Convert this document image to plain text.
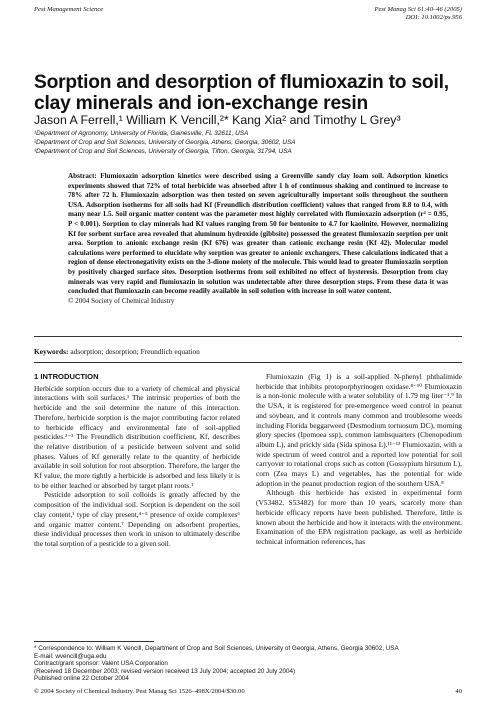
Pest Management Science	Pest Manag Sci 61:40–46 (2005)
DOI: 10.1002/ps.956
Sorption and desorption of flumioxazin to soil, clay minerals and ion-exchange resin
Jason A Ferrell,¹ William K Vencill,²* Kang Xia² and Timothy L Grey³
¹Department of Agronomy, University of Florida, Gainesville, FL 32611, USA
²Department of Crop and Soil Sciences, University of Georgia, Athens, Georgia, 30602, USA
³Department of Crop and Soil Sciences, University of Georgia, Tifton, Georgia, 31794, USA
Abstract: Flumioxazin adsorption kinetics were described using a Greenville sandy clay loam soil. Adsorption kinetics experiments showed that 72% of total herbicide was absorbed after 1 h of continuous shaking and continued to increase to 78% after 72 h. Flumioxazin adsorption was then tested on seven agriculturally important soils throughout the southern USA. Adsorption isotherms for all soils had Kf (Freundlich distribution coefficient) values that ranged from 8.8 to 0.4, with many near 1.5. Soil organic matter content was the parameter most highly correlated with flumioxazin adsorption (r² = 0.95, P < 0.001). Sorption to clay minerals had Kf values ranging from 50 for bentonite to 4.7 for kaolinite. However, normalizing Kf for sorbent surface area revealed that aluminum hydroxide (gibbsite) possessed the greatest flumioxazin sorption per unit area. Sorption to anionic exchange resin (Kf 676) was greater than cationic exchange resin (Kf 42). Molecular model calculations were performed to elucidate why sorption was greater to anionic exchangers. These calculations indicated that a region of dense electronegativity exists on the 3-dione moiety of the molecule. This would lead to greater flumioxazin sorption by positively charged surface sites. Desorption isotherms from soil exhibited no effect of hysteresis. Desorption from clay minerals was very rapid and flumioxazin in solution was undetectable after three desorption steps. From these data it was concluded that flumioxazin can become readily available in soil solution with increase in soil water content.
© 2004 Society of Chemical Industry
Keywords: adsorption; desorption; Freundlich equation

1 INTRODUCTION

Herbicide sorption occurs due to a variety of chemical and physical interactions with soil surfaces.¹ The intrinsic properties of both the herbicide and the soil determine the nature of this interaction. Therefore, herbicide sorption is the major contributing factor related to herbicide efficacy and environmental fate of soil-applied pesticides.²⁻³ The Freundlich distribution coefficient, Kf, describes the relative distribution of a pesticide between solvent and solid phases. Values of Kf generally relate to the quantity of herbicide available in soil solution for root absorption. Therefore, the larger the Kf value, the more tightly a herbicide is adsorbed and less likely it is to be either leached or absorbed by target plant roots.¹

Pesticide adsorption to soil colloids is greatly affected by the composition of the individual soil. Sorption is dependent on the soil clay content,¹ type of clay present,⁴⁻⁵ presence of oxide complexes⁶ and organic matter content.⁷ Depending on adsorbent properties, these individual processes then work in unison to ultimately describe the total sorption of a pesticide to a given soil.

Flumioxazin (Fig 1) is a soil-applied N-phenyl phthalimide herbicide that inhibits protoporphyrinogen oxidase.⁸⁻¹⁰ Flumioxazin is a non-ionic molecule with a water solubility of 1.79 mg liter⁻¹.⁹ In the USA, it is registered for pre-emergence weed control in peanut and soybean, and it controls many common and troublesome weeds including Florida beggarweed (Desmodium tortuosum DC), morning glory species (Ipomoea ssp), common lambsquarters (Chenopodium album L), and prickly sida (Sida spinosa L).¹¹⁻¹³ Flumioxazin, with a wide spectrum of weed control and a reported low potential for soil carryover to rotational crops such as cotton (Gossypium hirsutum L), corn (Zea mays L) and vegetables, has the potential for wide adoption in the peanut production region of the southern USA.⁸

Although this herbicide has existed in experimental form (V53482, S53482) for more than 10 years, scarcely more than herbicide efficacy reports have been published. Therefore, little is known about the herbicide and how it interacts with the environment. Examination of the EPA registration package, as well as herbicide technical information references, has

* Correspondence to: William K Vencill, Department of Crop and Soil Sciences, University of Georgia, Athens, Georgia 30602, USA
E-mail: wvencill@uga.edu
Contract/grant sponsor: Valent USA Corporation
(Received 18 December 2003; revised version received 13 July 2004; accepted 20 July 2004)
Published online 22 October 2004
© 2004 Society of Chemical Industry. Pest Manag Sci 1526–498X/2004/$30.00	40
